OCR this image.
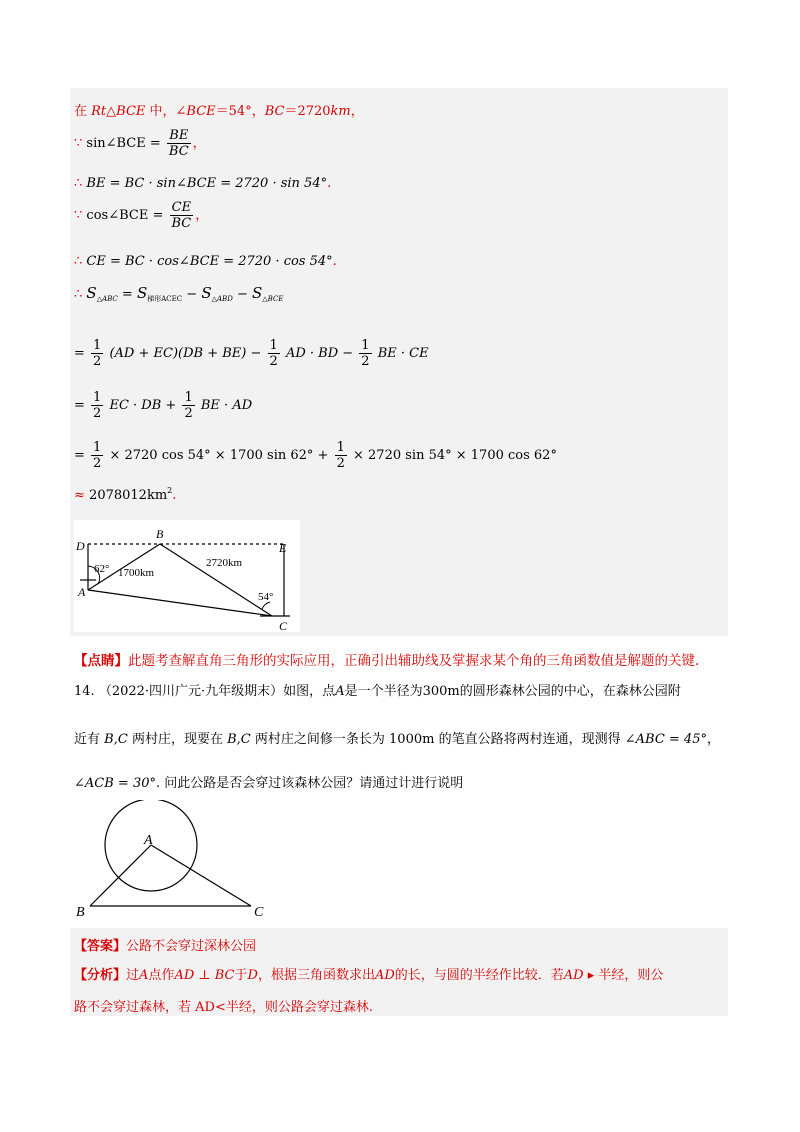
在 Rt△BCE 中，∠BCE＝54°，BC＝2720km，
∵ sin∠BCE = $\frac{BE}{BC}$ ，
∴ BE = BC · sin∠BCE = 2720 · sin 54°.
∵ cos∠BCE = $\frac{CE}{BC}$ ，
∴ CE = BC · cos∠BCE = 2720 · cos 54°.
∴ $S_{\triangle ABC} = S_{梯形ACEC} - S_{\triangle ABD} - S_{\triangle BCE}$
= $\frac{1}{2} (AD + EC)(DB + BE) - \frac{1}{2}$ AD · BD − $\frac{1}{2}$ BE · CE
= $\frac{1}{2}$ EC · DB + $\frac{1}{2}$ BE · AD
= $\frac{1}{2} \times 2720$ cos 54° × 1700 $\sin 62^\circ + \frac{1}{2} \times 2720$ sin 54° × 1700 cos 62°
≈ $2078012km^2$.
D
B
E
A
C
62° 1700km
2720km
54°
【点睛】此题考查解直角三角形的实际应用，正确引出辅助线及掌握求某个角的三角函数值是解题的关键.
14. （2022·四川广元·九年级期末）如图，点A是一个半径为300m的圆形森林公园的中心，在森林公园附
近有 B,C 两村庄，现要在 B,C 两村庄之间修一条长为 1000m 的笔直公路将两村连通，现测得 ∠ABC = 45°，
∠ACB = 30°. 问此公路是否会穿过该森林公园？请通过计进行说明
A
B	C
【答案】公路不会穿过深林公园
【分析】过A点作AD ⊥ BC于D，根据三角函数求出AD的长，与圆的半经作比较．若AD ▸ 半经，则公
路不会穿过森林，若 AD<半经，则公路会穿过森林.
